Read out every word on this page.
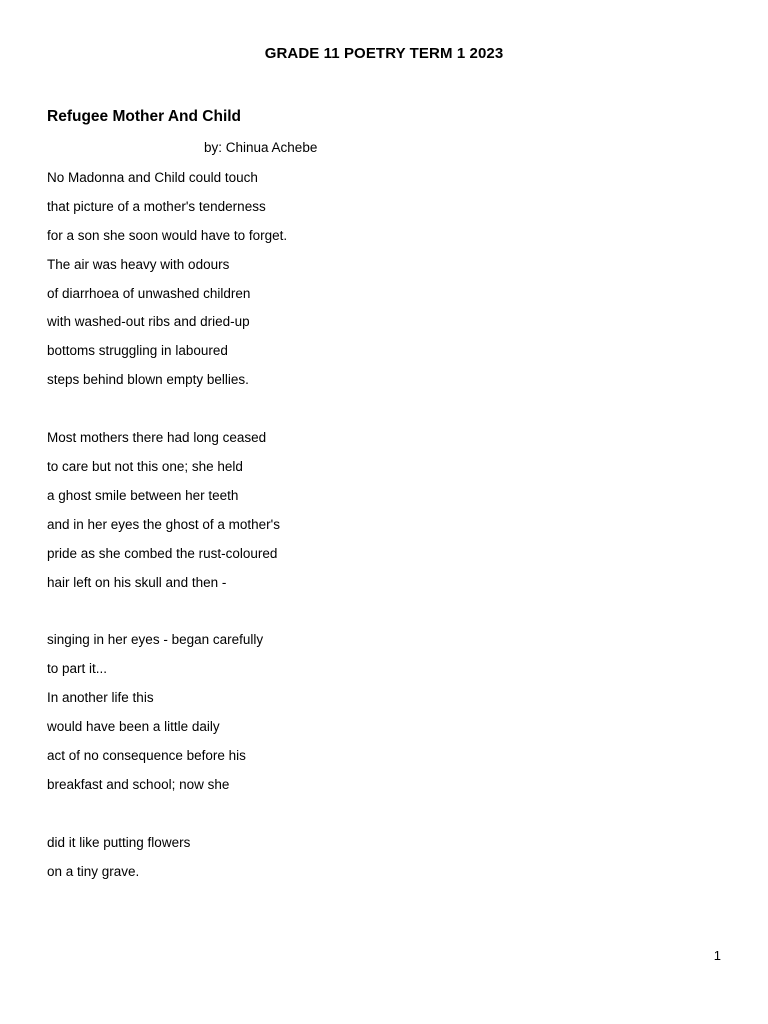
GRADE 11 POETRY TERM 1 2023
Refugee Mother And Child
by: Chinua Achebe
No Madonna and Child could touch
that picture of a mother's tenderness
for a son she soon would have to forget.
The air was heavy with odours
of diarrhoea of unwashed children
with washed-out ribs and dried-up
bottoms struggling in laboured
steps behind blown empty bellies.
Most mothers there had long ceased
to care but not this one; she held
a ghost smile between her teeth
and in her eyes the ghost of a mother's
pride as she combed the rust-coloured
hair left on his skull and then -
singing in her eyes - began carefully
to part it...
In another life this
would have been a little daily
act of no consequence before his
breakfast and school; now she
did it like putting flowers
on a tiny grave.
1
